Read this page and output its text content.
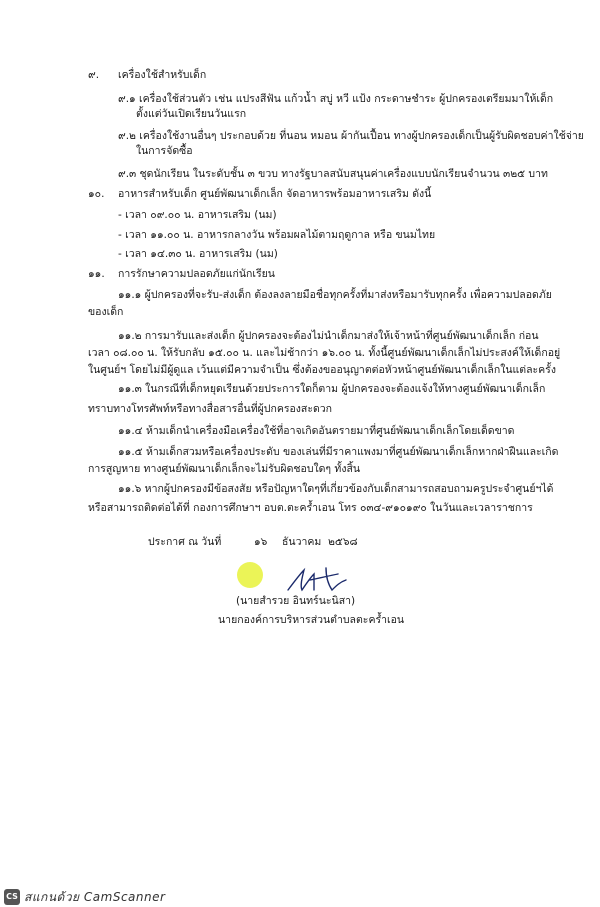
๙. เครื่องใช้สำหรับเด็ก
๙.๑ เครื่องใช้ส่วนตัว เช่น แปรงสีฟัน แก้วน้ำ สบู่ หวี แป้ง กระดาษชำระ ผู้ปกครองเตรียมมาให้เด็ก
ตั้งแต่วันเปิดเรียนวันแรก
๙.๒ เครื่องใช้งานอื่นๆ ประกอบด้วย ที่นอน หมอน ผ้ากันเปื้อน ทางผู้ปกครองเด็กเป็นผู้รับผิดชอบค่าใช้จ่าย
ในการจัดซื้อ
๙.๓ ชุดนักเรียน ในระดับชั้น ๓ ขวบ ทางรัฐบาลสนับสนุนค่าเครื่องแบบนักเรียนจำนวน ๓๒๕ บาท
๑๐. อาหารสำหรับเด็ก ศูนย์พัฒนาเด็กเล็ก จัดอาหารพร้อมอาหารเสริม ดังนี้
- เวลา ๐๙.๐๐ น. อาหารเสริม (นม)
- เวลา ๑๑.๐๐ น. อาหารกลางวัน พร้อมผลไม้ตามฤดูกาล หรือ ขนมไทย
- เวลา ๑๔.๓๐ น. อาหารเสริม (นม)
๑๑. การรักษาความปลอดภัยแก่นักเรียน
๑๑.๑ ผู้ปกครองที่จะรับ-ส่งเด็ก ต้องลงลายมือชื่อทุกครั้งที่มาส่งหรือมารับทุกครั้ง เพื่อความปลอดภัย
ของเด็ก
๑๑.๒ การมารับและส่งเด็ก ผู้ปกครองจะต้องไม่นำเด็กมาส่งให้เจ้าหน้าที่ศูนย์พัฒนาเด็กเล็ก ก่อน
เวลา ๐๘.๐๐ น. ให้รับกลับ ๑๕.๐๐ น. และไม่ช้ากว่า ๑๖.๐๐ น. ทั้งนี้ศูนย์พัฒนาเด็กเล็กไม่ประสงค์ให้เด็กอยู่
ในศูนย์ฯ โดยไม่มีผู้ดูแล เว้นแต่มีความจำเป็น ซึ่งต้องขออนุญาตต่อหัวหน้าศูนย์พัฒนาเด็กเล็กในแต่ละครั้ง
๑๑.๓ ในกรณีที่เด็กหยุดเรียนด้วยประการใดก็ตาม ผู้ปกครองจะต้องแจ้งให้ทางศูนย์พัฒนาเด็กเล็ก
ทราบทางโทรศัพท์หรือทางสื่อสารอื่นที่ผู้ปกครองสะดวก
๑๑.๔ ห้ามเด็กนำเครื่องมือเครื่องใช้ที่อาจเกิดอันตรายมาที่ศูนย์พัฒนาเด็กเล็กโดยเด็ดขาด
๑๑.๕ ห้ามเด็กสวมหรือเครื่องประดับ ของเล่นที่มีราคาแพงมาที่ศูนย์พัฒนาเด็กเล็กหากฝ่าฝืนและเกิด
การสูญหาย ทางศูนย์พัฒนาเด็กเล็กจะไม่รับผิดชอบใดๆ ทั้งสิ้น
๑๑.๖ หากผู้ปกครองมีข้อสงสัย หรือปัญหาใดๆที่เกี่ยวข้องกับเด็กสามารถสอบถามครูประจำศูนย์ฯได้
หรือสามารถติดต่อได้ที่ กองการศึกษาฯ อบต.ตะคร้ำเอน โทร ๐๓๔-๙๑๐๑๙๐ ในวันและเวลาราชการ
ประกาศ ณ วันที่	๑๖ ธันวาคม ๒๕๖๘
(นายสำรวย อินทร์นะนิสา)
นายกองค์การบริหารส่วนตำบลตะคร้ำเอน
CS สแกนด้วย CamScanner
